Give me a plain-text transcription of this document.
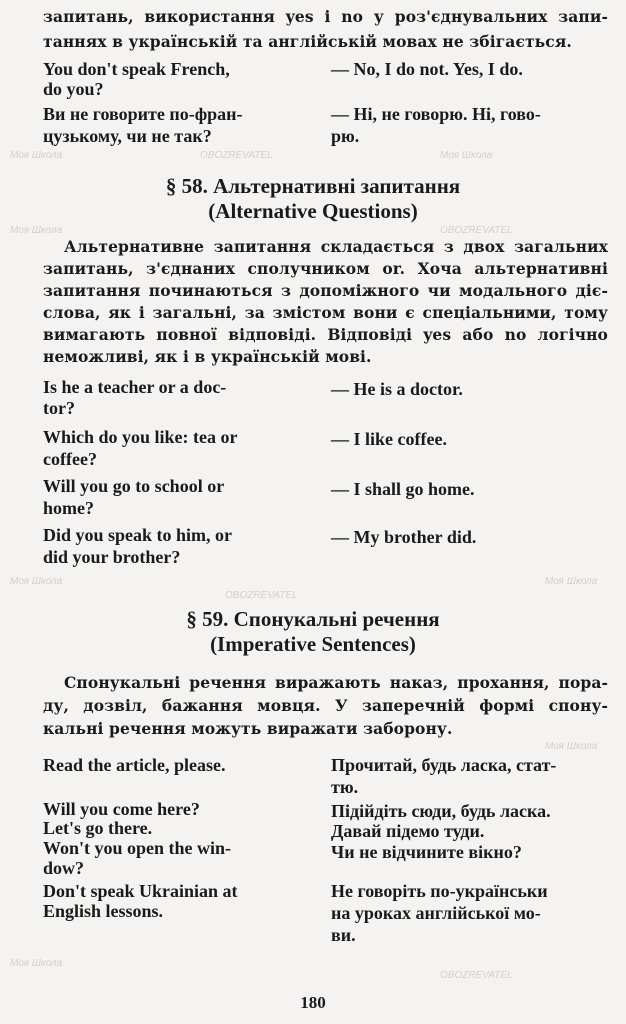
Моя Школа
OBOZREVATEL
Моя Школа
Моя Школа	OBOZREVATEL
Моя Школа	Моя Школа
OBOZREVATEL
Моя Школа
Моя Школа
OBOZREVATEL
запитань, використання yes і no у роз'єднувальних запи-
таннях в українській та англійській мовах не збігається.
You don't speak French,
do you?
— No, I do not. Yes, I do.
Ви не говорите по-фран-
цузькому, чи не так?
— Ні, не говорю. Ні, гово-
рю.
§ 58. Альтернативні запитання
(Alternative Questions)
Альтернативне запитання складається з двох загальних
запитань, з'єднаних сполучником or. Хоча альтернативні
запитання починаються з допоміжного чи модального діє-
слова, як і загальні, за змістом вони є спеціальними, тому
вимагають повної відповіді. Відповіді yes або no логічно
неможливі, як і в українській мові.
Is he a teacher or a doc-
tor?
— He is a doctor.
Which do you like: tea or
coffee?
— I like coffee.
Will you go to school or
home?
— I shall go home.
Did you speak to him, or
did your brother?
— My brother did.
§ 59. Спонукальні речення
(Imperative Sentences)
Спонукальні речення виражають наказ, прохання, пора-
ду, дозвіл, бажання мовця. У заперечній формі спону-
кальні речення можуть виражати заборону.
Read the article, please.
Will you come here?
Let's go there.
Won't you open the win-
dow?
Don't speak Ukrainian at
English lessons.
Прочитай, будь ласка, стат-
тю.
Підійдіть сюди, будь ласка.
Давай підемо туди.
Чи не відчините вікно?
Не говоріть по-українськи
на уроках англійської мо-
ви.
180
